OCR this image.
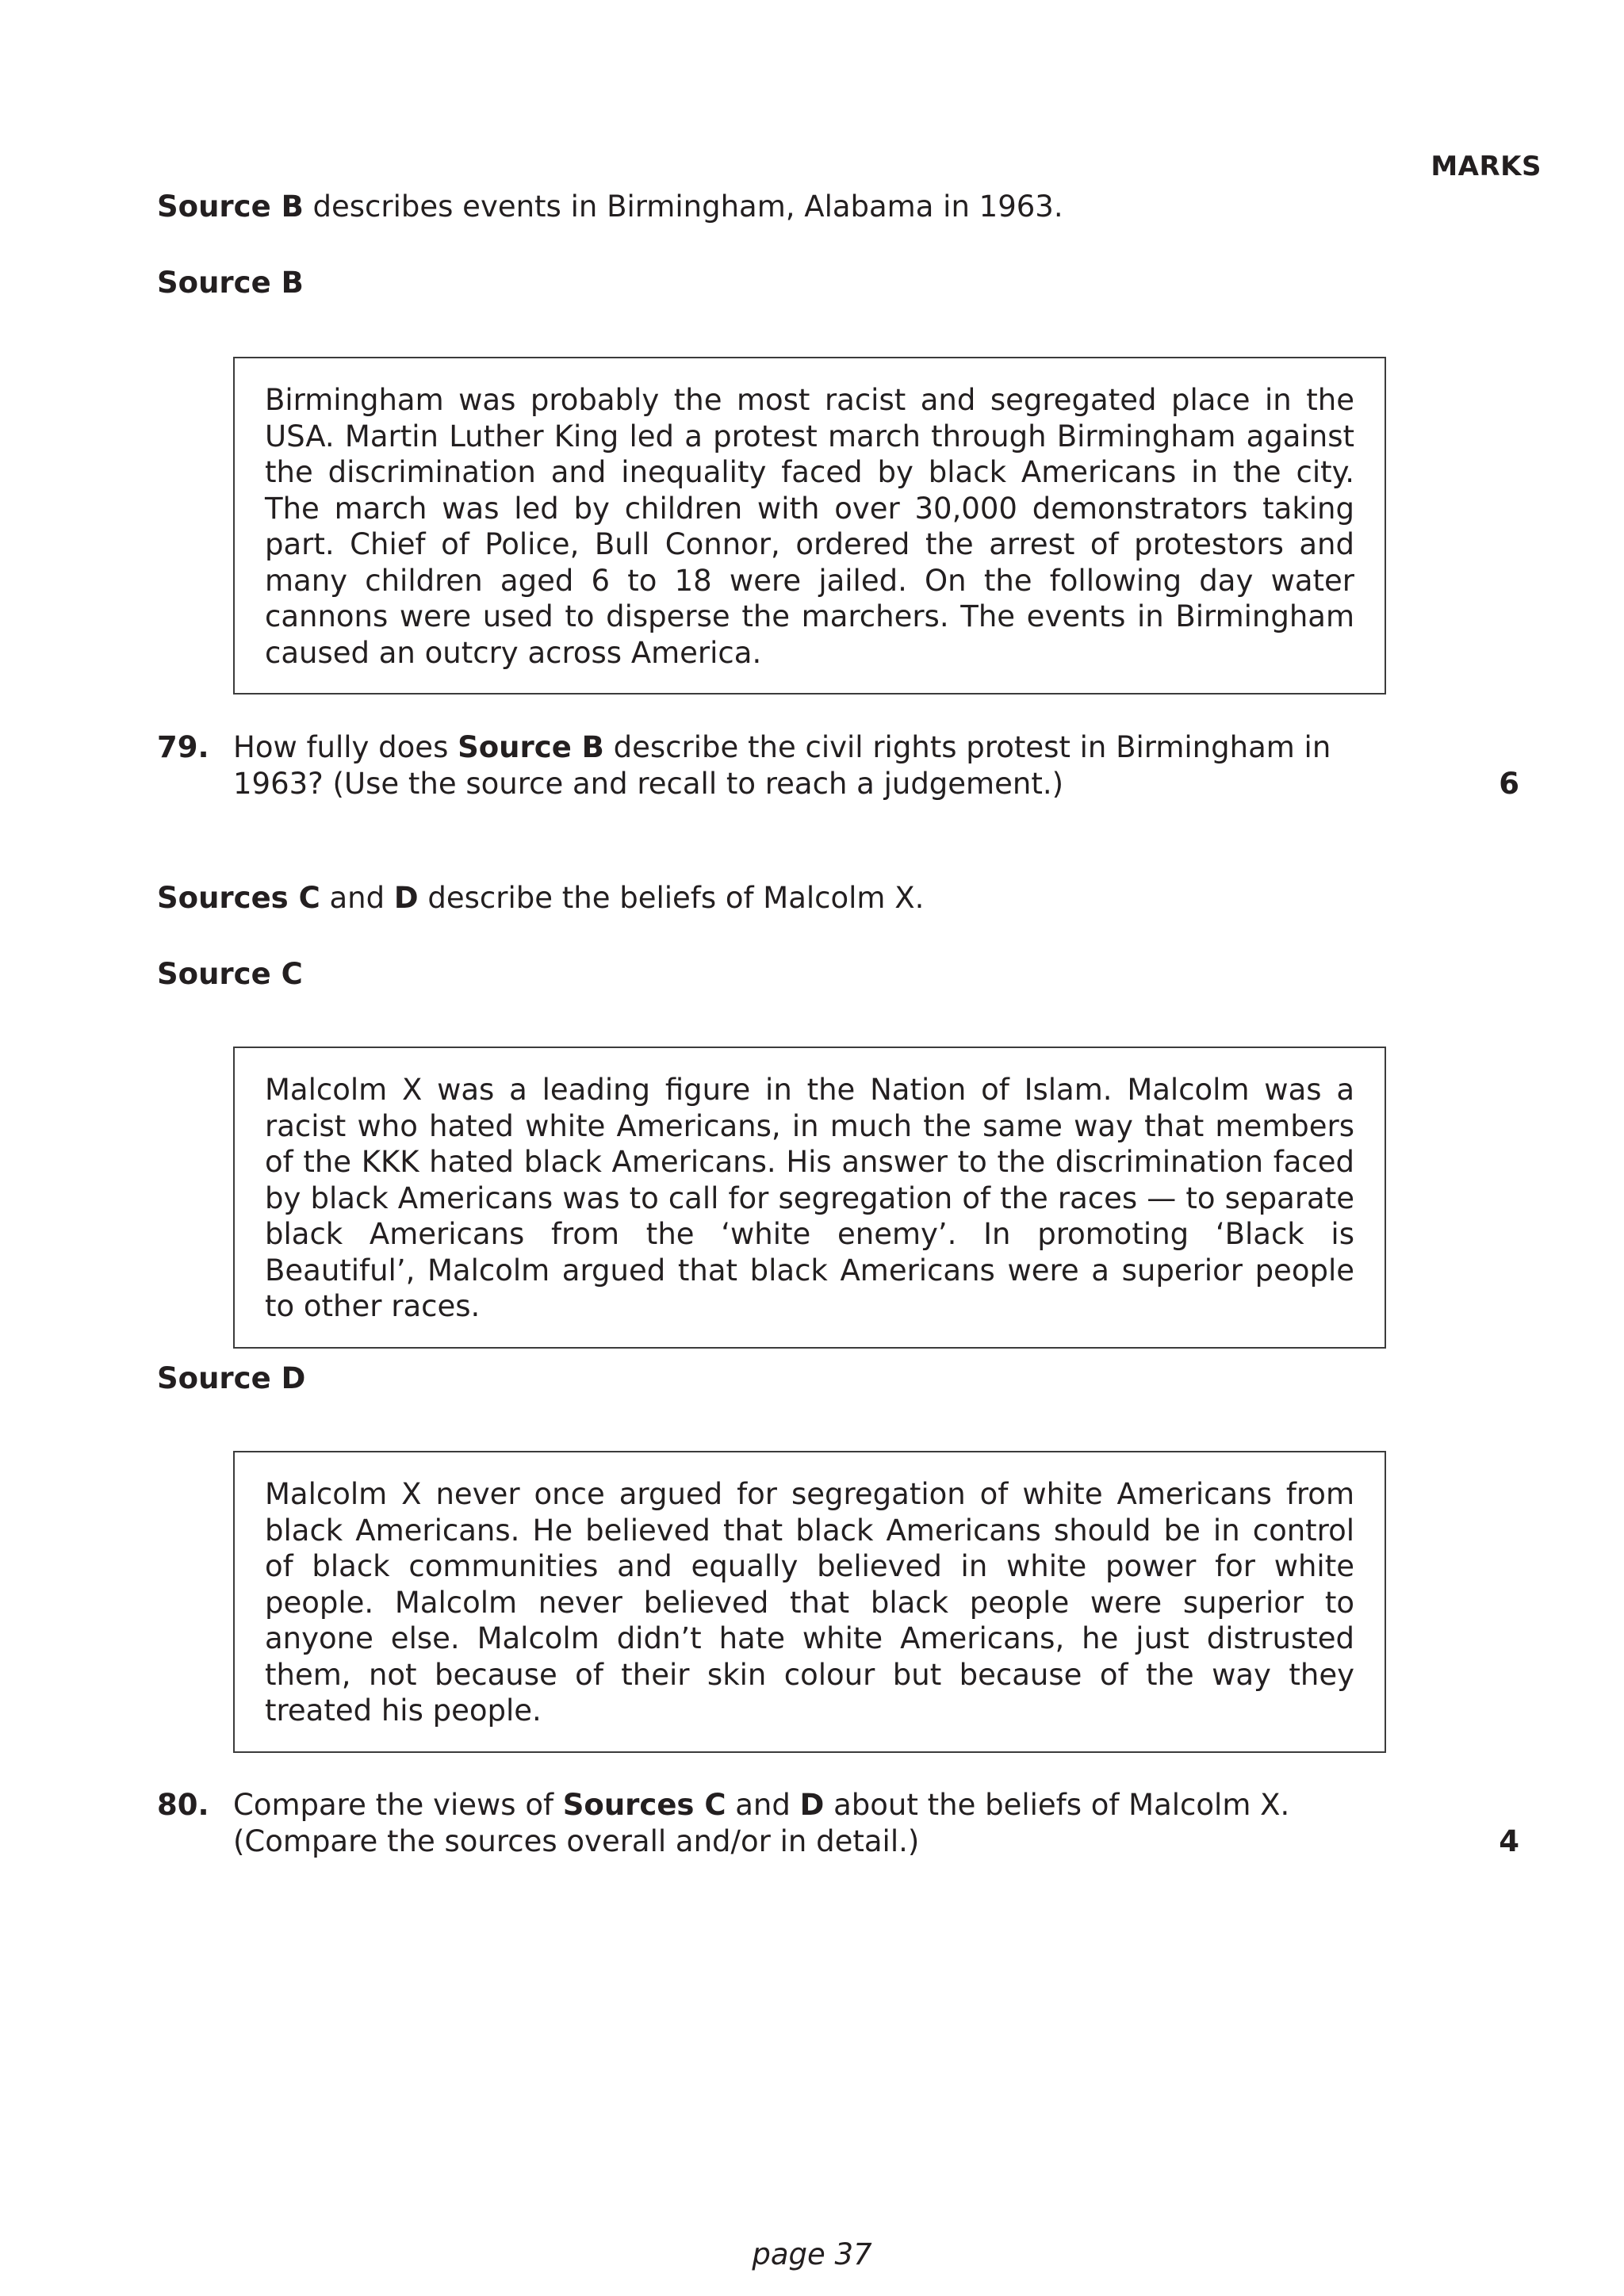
MARKS
Source B describes events in Birmingham, Alabama in 1963.
Source B
Birmingham was probably the most racist and segregated place in the USA. Martin Luther King led a protest march through Birmingham against the discrimination and inequality faced by black Americans in the city. The march was led by children with over 30,000 demonstrators taking part. Chief of Police, Bull Connor, ordered the arrest of protestors and many children aged 6 to 18 were jailed. On the following day water cannons were used to disperse the marchers. The events in Birmingham caused an outcry across America.
79. How fully does Source B describe the civil rights protest in Birmingham in 1963? (Use the source and recall to reach a judgement.)	6
Sources C and D describe the beliefs of Malcolm X.
Source C
Malcolm X was a leading figure in the Nation of Islam. Malcolm was a racist who hated white Americans, in much the same way that members of the KKK hated black Americans. His answer to the discrimination faced by black Americans was to call for segregation of the races — to separate black Americans from the ‘white enemy’. In promoting ‘Black is Beautiful’, Malcolm argued that black Americans were a superior people to other races.
Source D
Malcolm X never once argued for segregation of white Americans from black Americans. He believed that black Americans should be in control of black communities and equally believed in white power for white people. Malcolm never believed that black people were superior to anyone else. Malcolm didn’t hate white Americans, he just distrusted them, not because of their skin colour but because of the way they treated his people.
80. Compare the views of Sources C and D about the beliefs of Malcolm X. (Compare the sources overall and/or in detail.)	4
page 37
